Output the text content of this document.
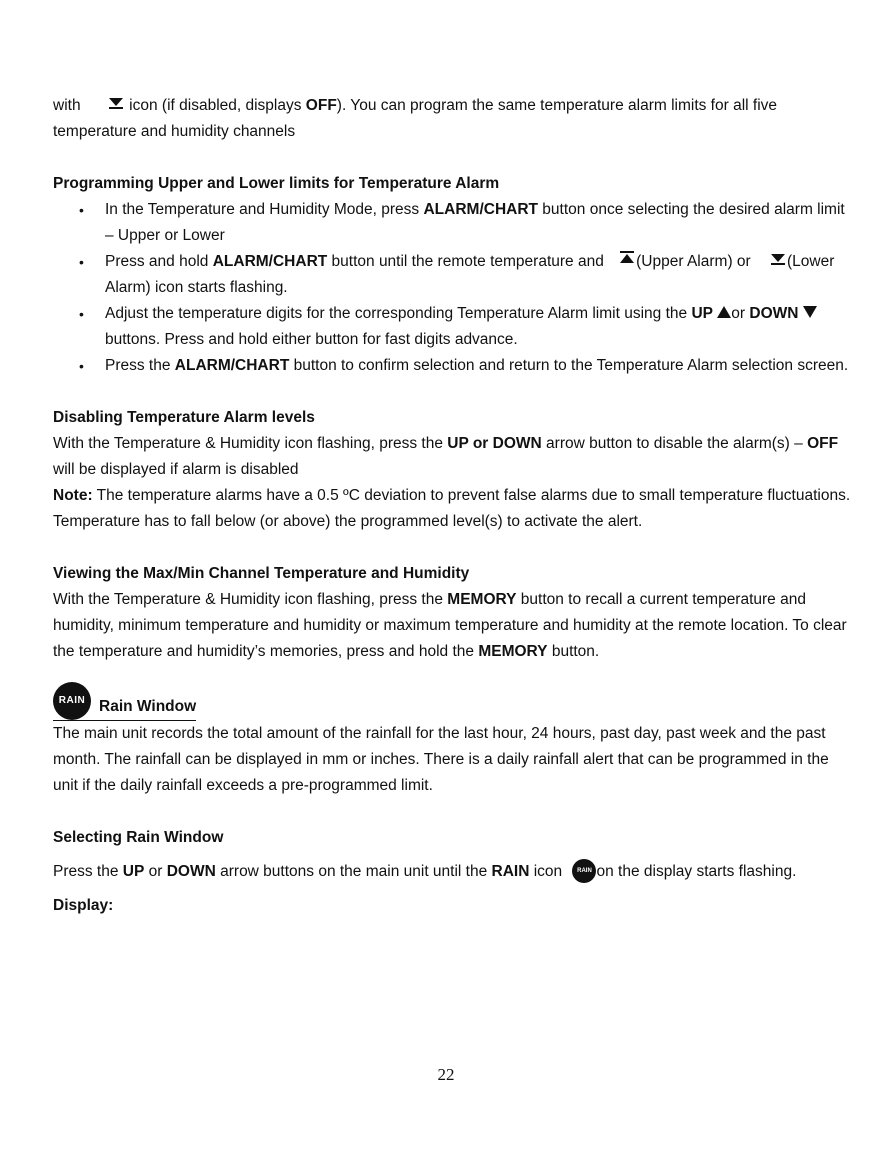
with	icon (if disabled, displays OFF). You can program the same temperature alarm limits for all five temperature and humidity channels

Programming Upper and Lower limits for Temperature Alarm

• In the Temperature and Humidity Mode, press ALARM/CHART button once selecting the desired alarm limit – Upper or Lower
• Press and hold ALARM/CHART button until the remote temperature and (Upper Alarm) or (Lower Alarm) icon starts flashing.
• Adjust the temperature digits for the corresponding Temperature Alarm limit using the UP or DOWN buttons. Press and hold either button for fast digits advance.
• Press the ALARM/CHART button to confirm selection and return to the Temperature Alarm selection screen.

Disabling Temperature Alarm levels

With the Temperature & Humidity icon flashing, press the UP or DOWN arrow button to disable the alarm(s) – OFF will be displayed if alarm is disabled

Note: The temperature alarms have a 0.5 ºC deviation to prevent false alarms due to small temperature fluctuations. Temperature has to fall below (or above) the programmed level(s) to activate the alert.

Viewing the Max/Min Channel Temperature and Humidity

With the Temperature & Humidity icon flashing, press the MEMORY button to recall a current temperature and humidity, minimum temperature and humidity or maximum temperature and humidity at the remote location. To clear the temperature and humidity’s memories, press and hold the MEMORY button.

RAIN Rain Window

The main unit records the total amount of the rainfall for the last hour, 24 hours, past day, past week and the past month. The rainfall can be displayed in mm or inches. There is a daily rainfall alert that can be programmed in the unit if the daily rainfall exceeds a pre-programmed limit.

Selecting Rain Window

Press the UP or DOWN arrow buttons on the main unit until the RAIN icon RAIN on the display starts flashing.

Display:

22
